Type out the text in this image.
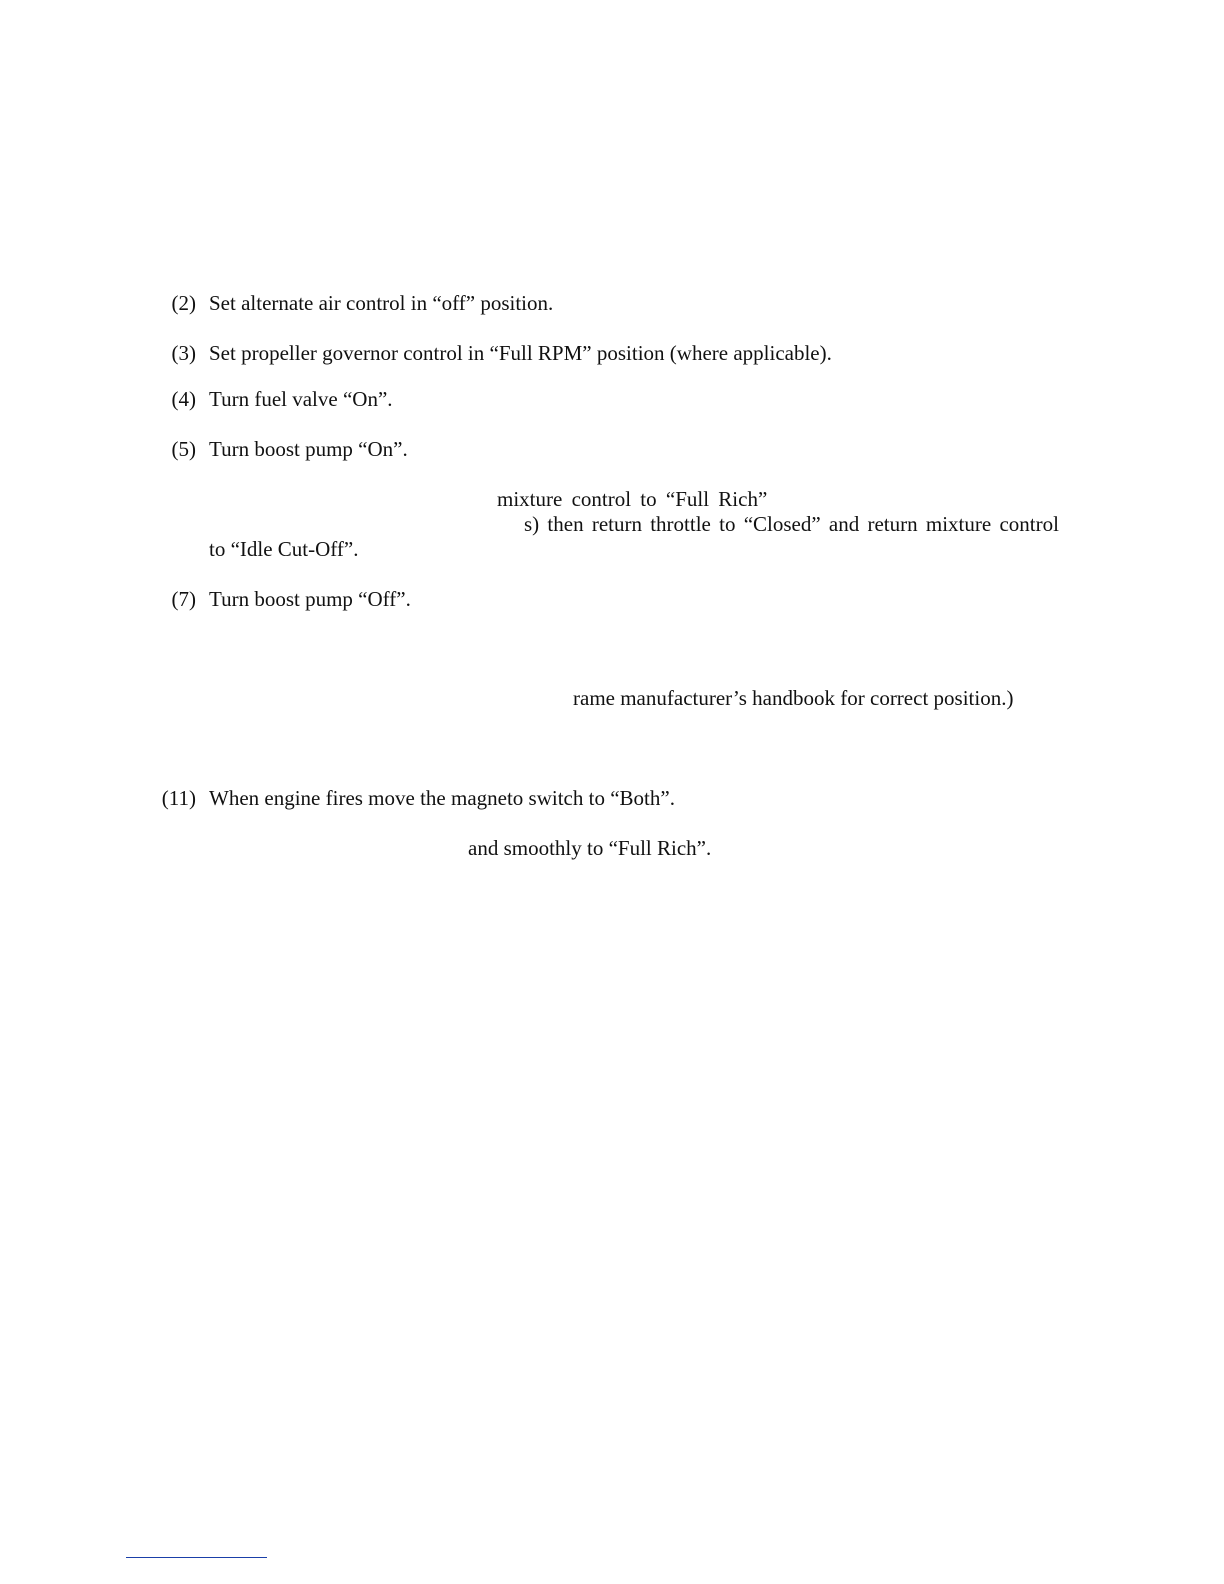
(2) Set alternate air control in “off” position.
(3) Set propeller governor control in “Full RPM” position (where applicable).
(4) Turn fuel valve “On”.
(5) Turn boost pump “On”.
mixture control to “Full Rich”
s) then return throttle to “Closed” and return mixture control
to “Idle Cut-Off”.
(7) Turn boost pump “Off”.
rame manufacturer’s handbook for correct position.)
(11) When engine fires move the magneto switch to “Both”.
and smoothly to “Full Rich”.
